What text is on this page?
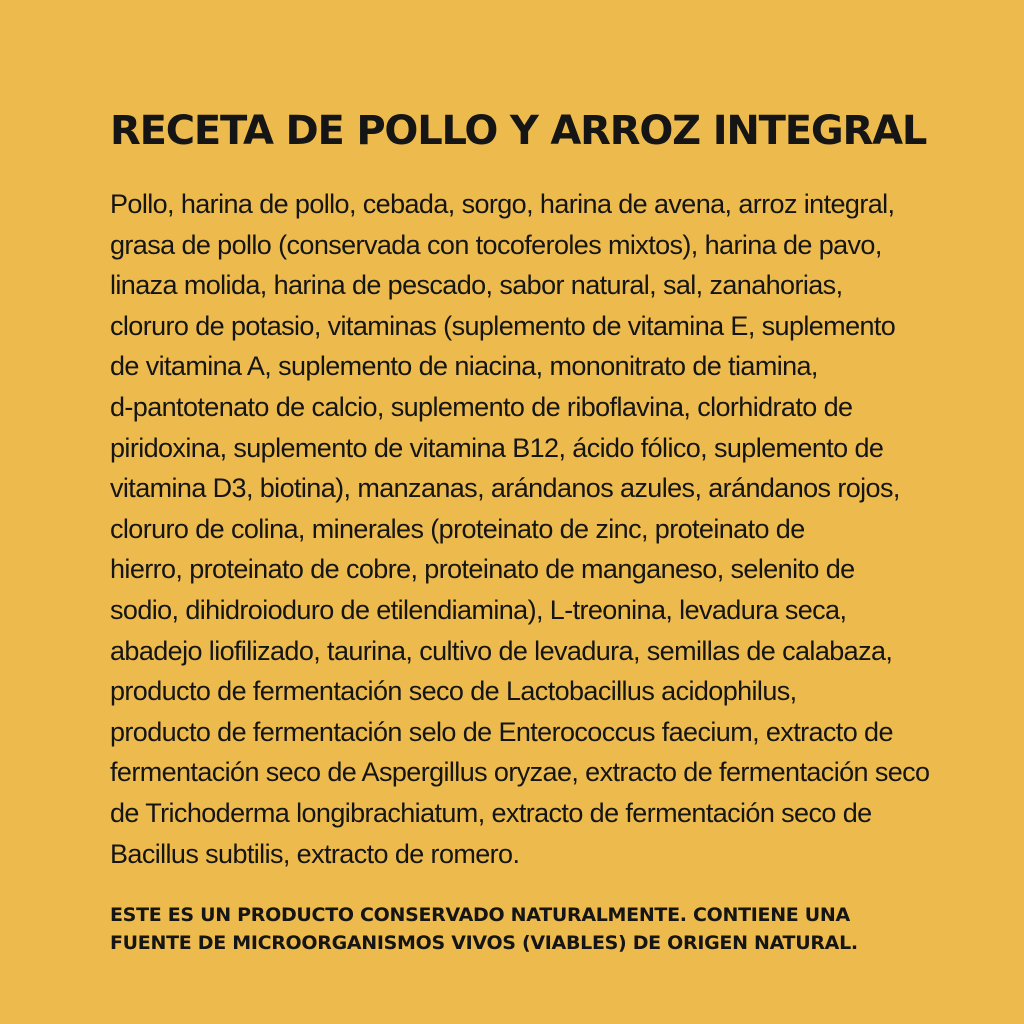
RECETA DE POLLO Y ARROZ INTEGRAL

Pollo, harina de pollo, cebada, sorgo, harina de avena, arroz integral,
grasa de pollo (conservada con tocoferoles mixtos), harina de pavo,
linaza molida, harina de pescado, sabor natural, sal, zanahorias,
cloruro de potasio, vitaminas (suplemento de vitamina E, suplemento
de vitamina A, suplemento de niacina, mononitrato de tiamina,
d-pantotenato de calcio, suplemento de riboflavina, clorhidrato de
piridoxina, suplemento de vitamina B12, ácido fólico, suplemento de
vitamina D3, biotina), manzanas, arándanos azules, arándanos rojos,
cloruro de colina, minerales (proteinato de zinc, proteinato de
hierro, proteinato de cobre, proteinato de manganeso, selenito de
sodio, dihidroioduro de etilendiamina), L-treonina, levadura seca,
abadejo liofilizado, taurina, cultivo de levadura, semillas de calabaza,
producto de fermentación seco de Lactobacillus acidophilus,
producto de fermentación selo de Enterococcus faecium, extracto de
fermentación seco de Aspergillus oryzae, extracto de fermentación seco
de Trichoderma longibrachiatum, extracto de fermentación seco de
Bacillus subtilis, extracto de romero.

ESTE ES UN PRODUCTO CONSERVADO NATURALMENTE. CONTIENE UNA
FUENTE DE MICROORGANISMOS VIVOS (VIABLES) DE ORIGEN NATURAL.
